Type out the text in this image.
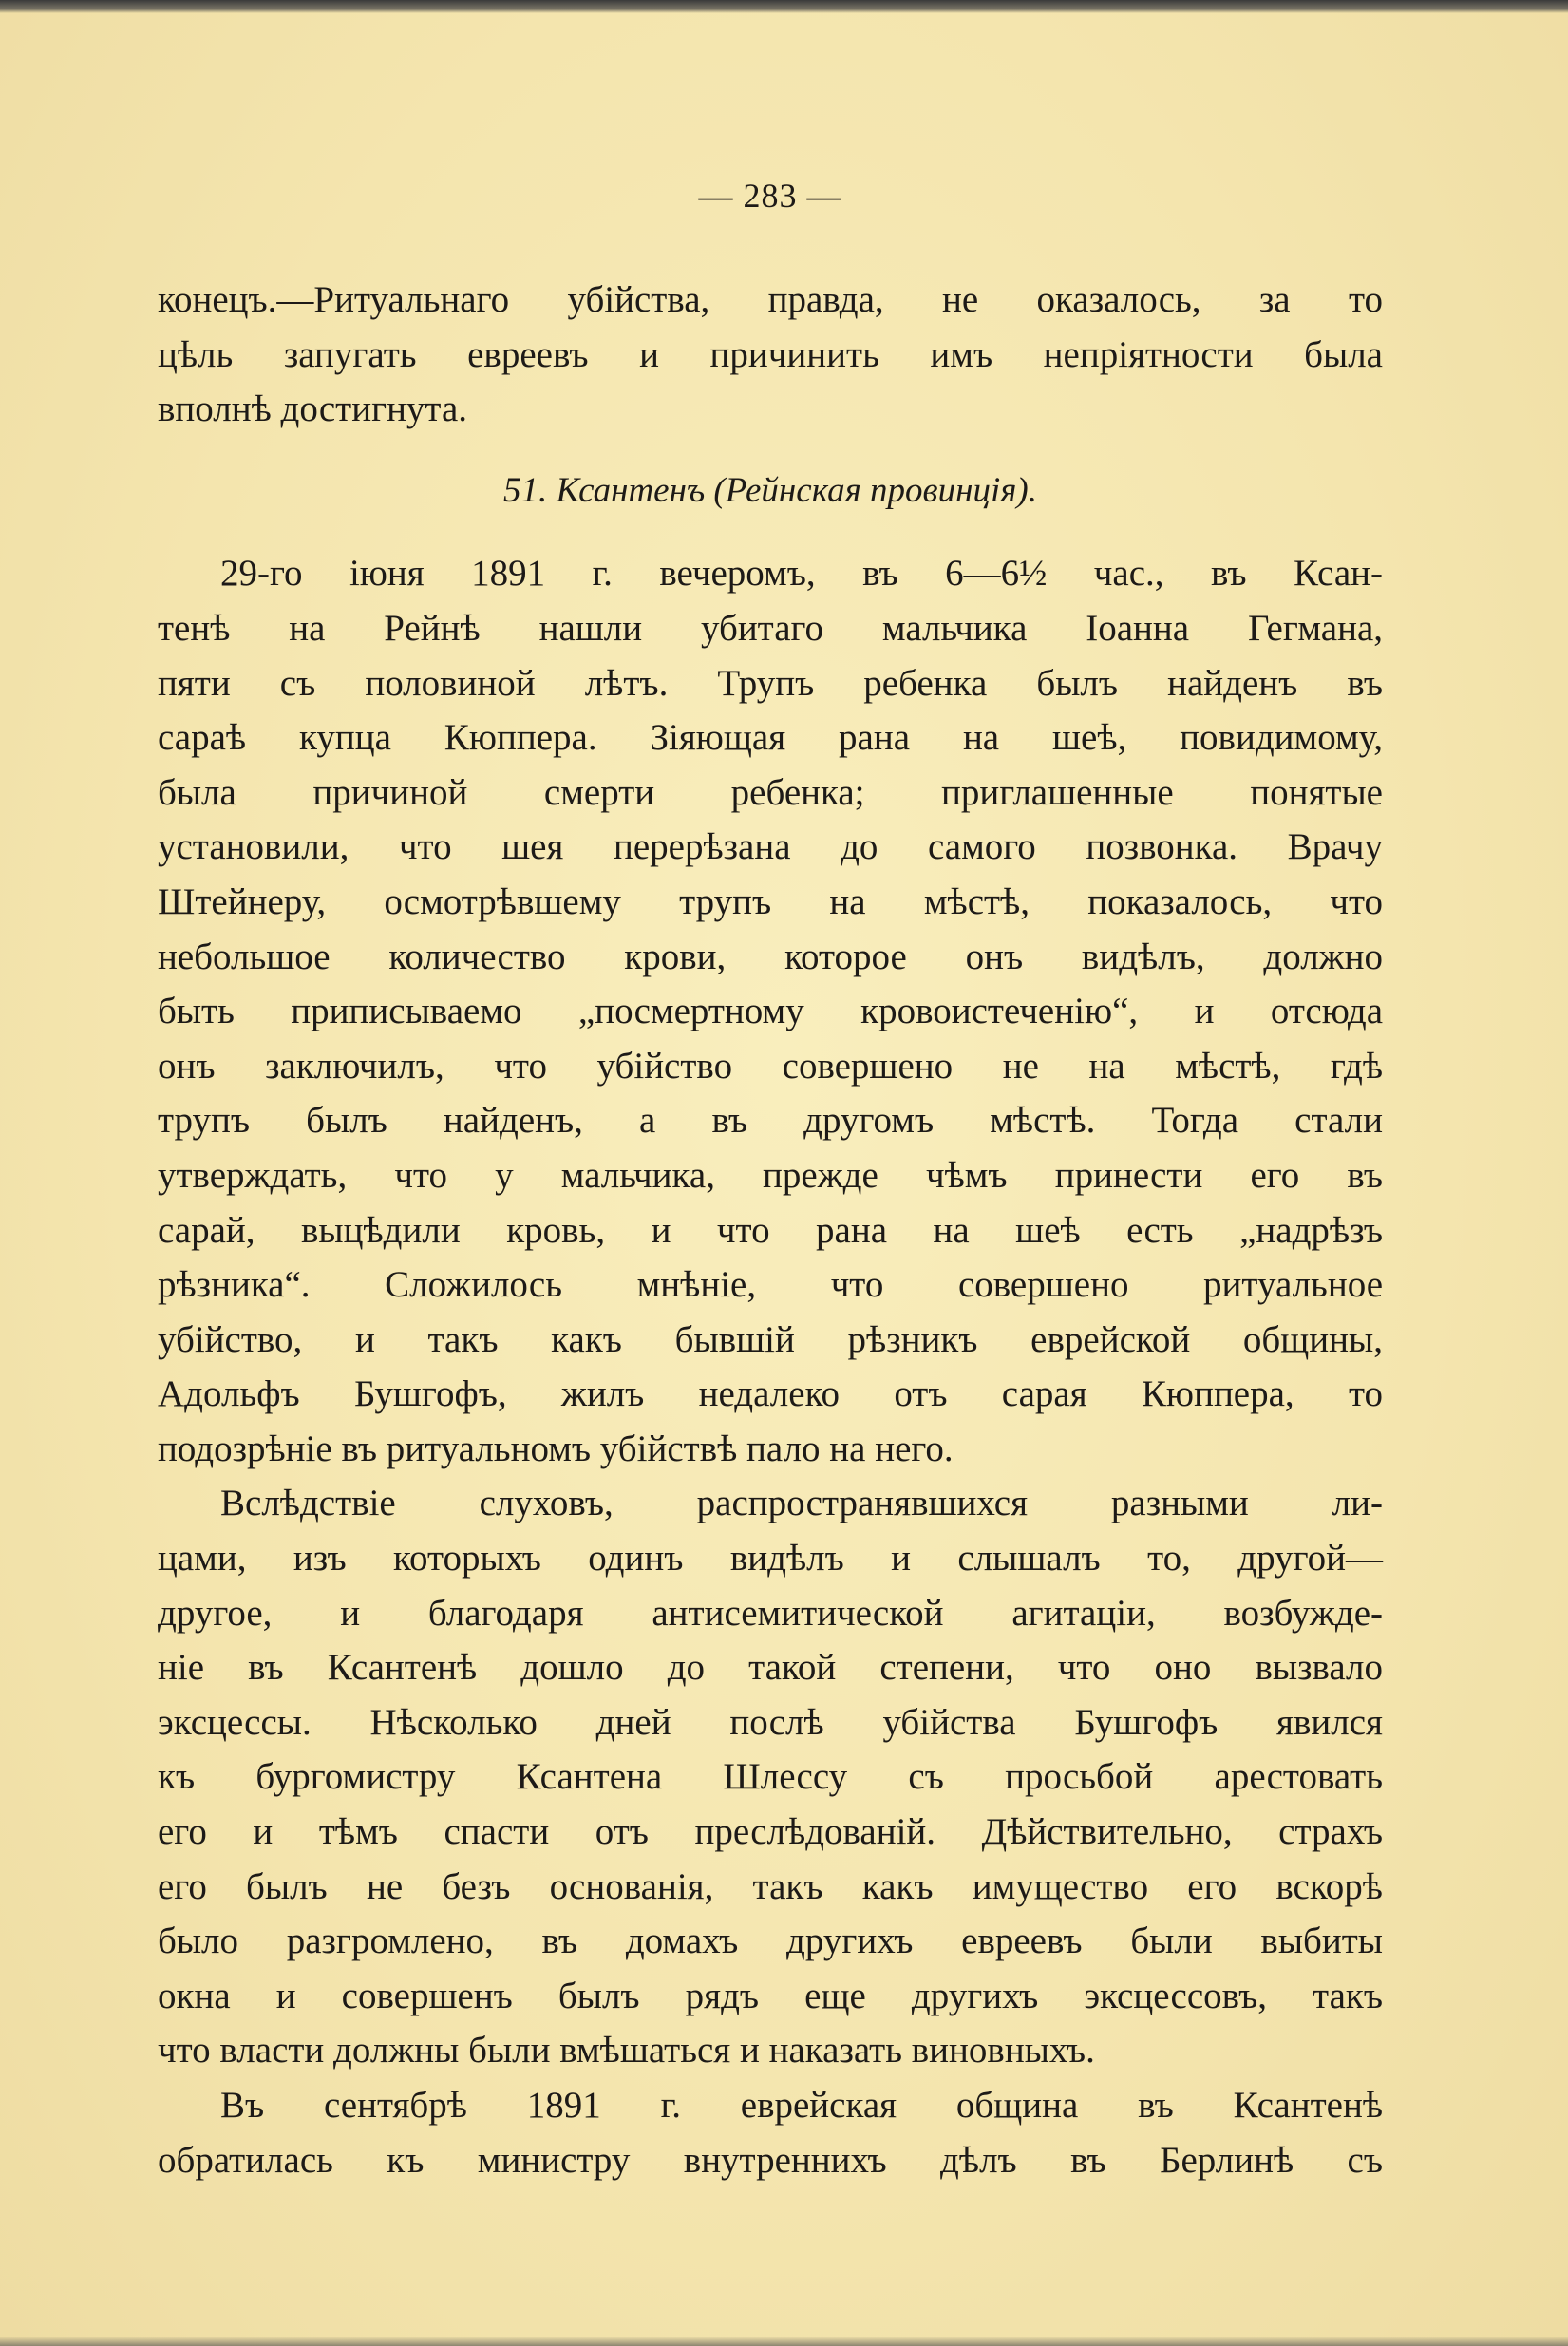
— 283 —
конецъ.—Ритуальнаго убійства, правда, не оказалось, за то
цѣль запугать евреевъ и причинить имъ непріятности была
вполнѣ достигнута.
51. Ксантенъ (Рейнская провинція).
29-го іюня 1891 г. вечеромъ, въ 6—6½ час., въ Ксан-
тенѣ на Рейнѣ нашли убитаго мальчика Іоанна Гегмана,
пяти съ половиной лѣтъ. Трупъ ребенка былъ найденъ въ
сараѣ купца Кюппера. Зіяющая рана на шеѣ, повидимому,
была причиной смерти ребенка; приглашенные понятые
установили, что шея перерѣзана до самого позвонка. Врачу
Штейнеру, осмотрѣвшему трупъ на мѣстѣ, показалось, что
небольшое количество крови, которое онъ видѣлъ, должно
быть приписываемо „посмертному кровоистеченію“, и отсюда
онъ заключилъ, что убійство совершено не на мѣстѣ, гдѣ
трупъ былъ найденъ, а въ другомъ мѣстѣ. Тогда стали
утверждать, что у мальчика, прежде чѣмъ принести его въ
сарай, выцѣдили кровь, и что рана на шеѣ есть „надрѣзъ
рѣзника“. Сложилось мнѣніе, что совершено ритуальное
убійство, и такъ какъ бывшій рѣзникъ еврейской общины,
Адольфъ Бушгофъ, жилъ недалеко отъ сарая Кюппера, то
подозрѣніе въ ритуальномъ убійствѣ пало на него.
Вслѣдствіе слуховъ, распространявшихся разными ли-
цами, изъ которыхъ одинъ видѣлъ и слышалъ то, другой—
другое, и благодаря антисемитической агитаціи, возбужде-
ніе въ Ксантенѣ дошло до такой степени, что оно вызвало
эксцессы. Нѣсколько дней послѣ убійства Бушгофъ явился
къ бургомистру Ксантена Шлессу съ просьбой арестовать
его и тѣмъ спасти отъ преслѣдованій. Дѣйствительно, страхъ
его былъ не безъ основанія, такъ какъ имущество его вскорѣ
было разгромлено, въ домахъ другихъ евреевъ были выбиты
окна и совершенъ былъ рядъ еще другихъ эксцессовъ, такъ
что власти должны были вмѣшаться и наказать виновныхъ.
Въ сентябрѣ 1891 г. еврейская община въ Ксантенѣ
обратилась къ министру внутреннихъ дѣлъ въ Берлинѣ съ
